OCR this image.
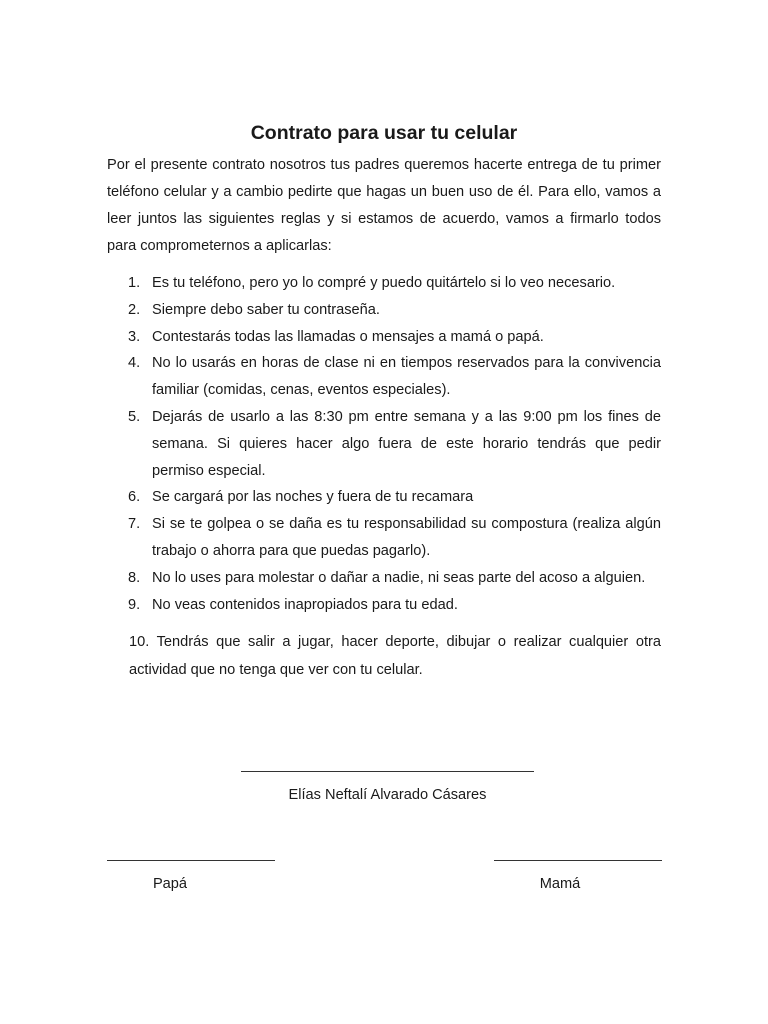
Contrato para usar tu celular

Por el presente contrato nosotros tus padres queremos hacerte entrega de tu primer teléfono celular y a cambio pedirte que hagas un buen uso de él. Para ello, vamos a leer juntos las siguientes reglas y si estamos de acuerdo, vamos a firmarlo todos para comprometernos a aplicarlas:

1. Es tu teléfono, pero yo lo compré y puedo quitártelo si lo veo necesario.
2. Siempre debo saber tu contraseña.
3. Contestarás todas las llamadas o mensajes a mamá o papá.
4. No lo usarás en horas de clase ni en tiempos reservados para la convivencia familiar (comidas, cenas, eventos especiales).
5. Dejarás de usarlo a las 8:30 pm entre semana y a las 9:00 pm los fines de semana. Si quieres hacer algo fuera de este horario tendrás que pedir permiso especial.
6. Se cargará por las noches y fuera de tu recamara
7. Si se te golpea o se daña es tu responsabilidad su compostura (realiza algún trabajo o ahorra para que puedas pagarlo).
8. No lo uses para molestar o dañar a nadie, ni seas parte del acoso a alguien.
9. No veas contenidos inapropiados para tu edad.

10. Tendrás que salir a jugar, hacer deporte, dibujar o realizar cualquier otra actividad que no tenga que ver con tu celular.

Elías Neftalí Alvarado Cásares
Papá	Mamá
